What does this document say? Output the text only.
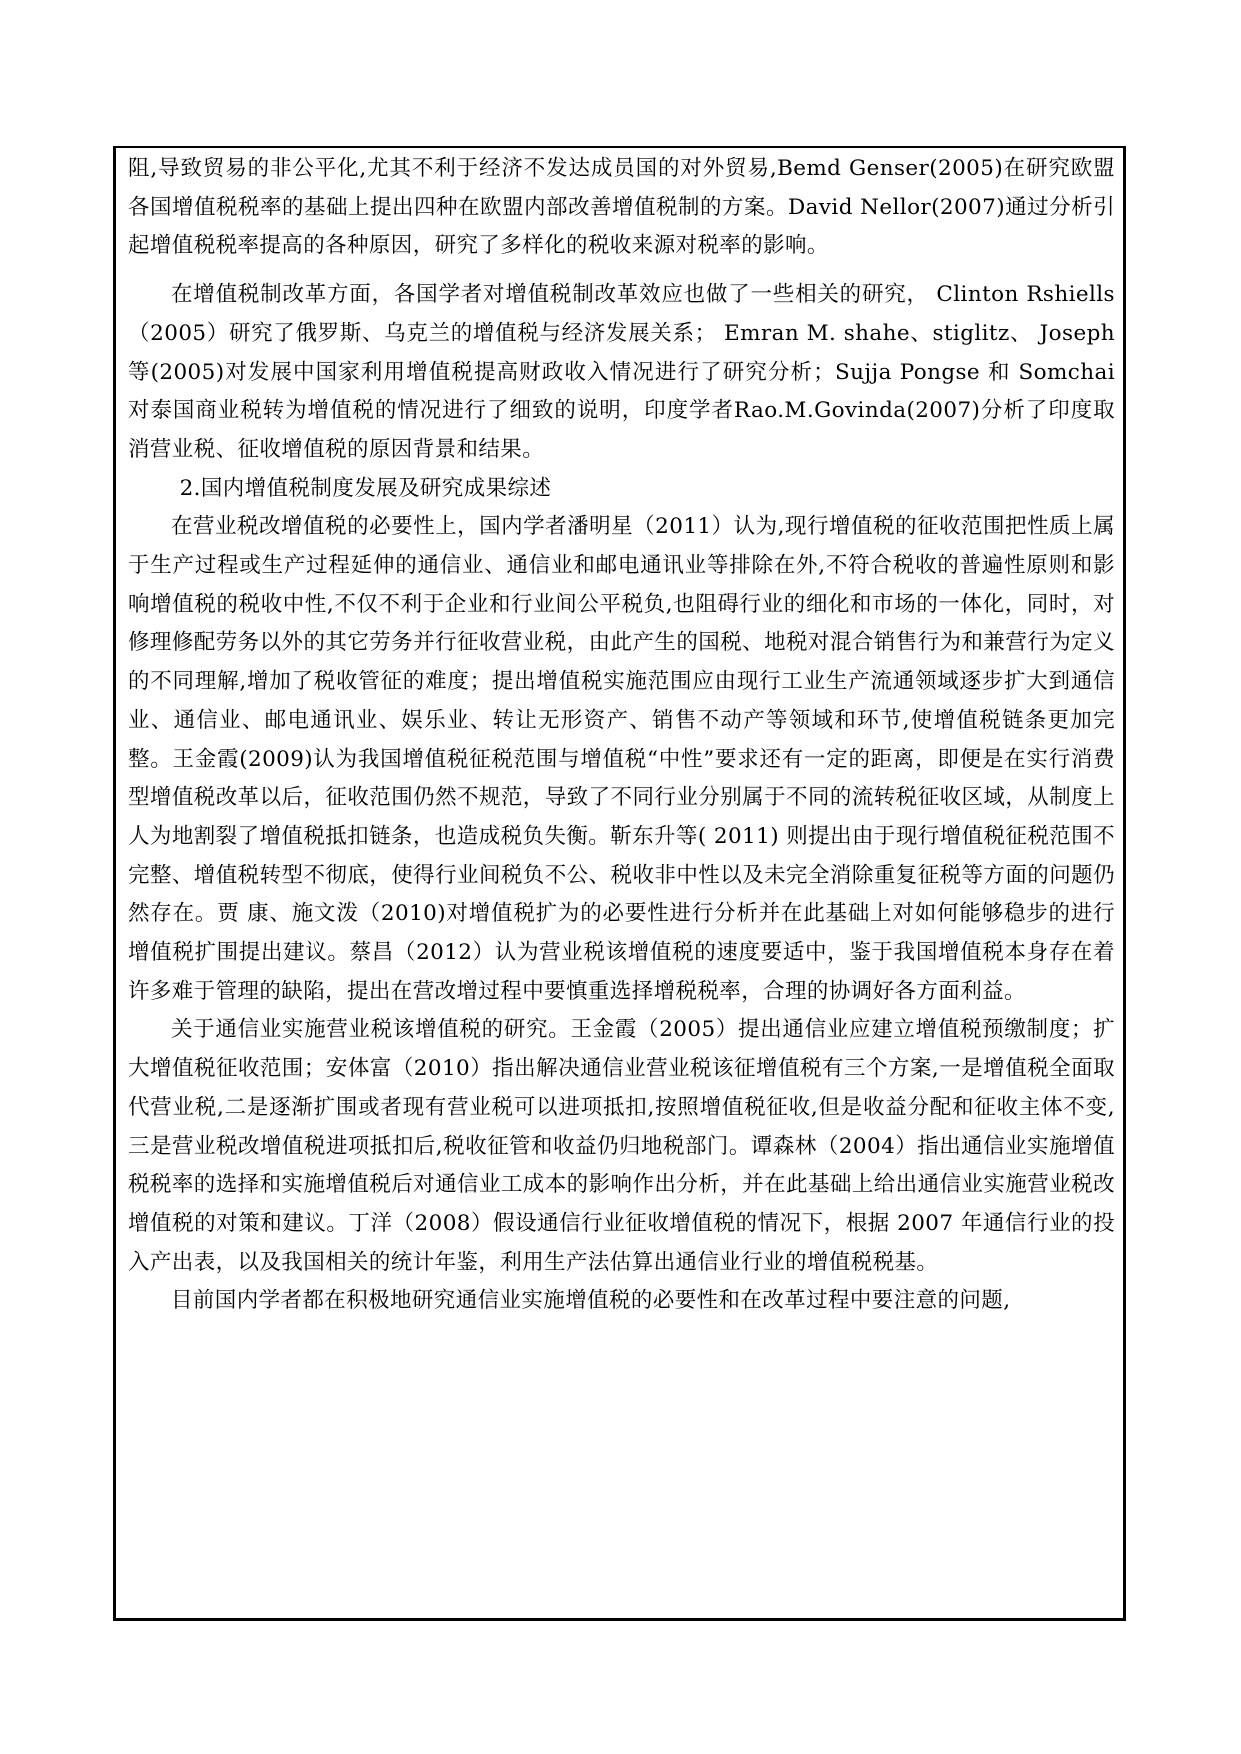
阻,导致贸易的非公平化,尤其不利于经济不发达成员国的对外贸易,Bemd Genser(2005)在研究欧盟各国增值税税率的基础上提出四种在欧盟内部改善增值税制的方案。David Nellor(2007)通过分析引起增值税税率提高的各种原因，研究了多样化的税收来源对税率的影响。

在增值税制改革方面，各国学者对增值税制改革效应也做了一些相关的研究， Clinton Rshiells（2005）研究了俄罗斯、乌克兰的增值税与经济发展关系； Emran M. shahe、stiglitz、 Joseph等(2005)对发展中国家利用增值税提高财政收入情况进行了研究分析；Sujja Pongse 和 Somchai 对泰国商业税转为增值税的情况进行了细致的说明，印度学者Rao.M.Govinda(2007)分析了印度取消营业税、征收增值税的原因背景和结果。

2.国内增值税制度发展及研究成果综述

在营业税改增值税的必要性上，国内学者潘明星（2011）认为,现行增值税的征收范围把性质上属于生产过程或生产过程延伸的通信业、通信业和邮电通讯业等排除在外,不符合税收的普遍性原则和影响增值税的税收中性,不仅不利于企业和行业间公平税负,也阻碍行业的细化和市场的一体化，同时，对修理修配劳务以外的其它劳务并行征收营业税，由此产生的国税、地税对混合销售行为和兼营行为定义的不同理解,增加了税收管征的难度；提出增值税实施范围应由现行工业生产流通领域逐步扩大到通信业、通信业、邮电通讯业、娱乐业、转让无形资产、销售不动产等领域和环节,使增值税链条更加完整。王金霞(2009)认为我国增值税征税范围与增值税“中性”要求还有一定的距离，即便是在实行消费型增值税改革以后，征收范围仍然不规范，导致了不同行业分别属于不同的流转税征收区域，从制度上人为地割裂了增值税抵扣链条，也造成税负失衡。靳东升等( 2011) 则提出由于现行增值税征税范围不完整、增值税转型不彻底，使得行业间税负不公、税收非中性以及未完全消除重复征税等方面的问题仍然存在。贾 康、施文泼（2010)对增值税扩为的必要性进行分析并在此基础上对如何能够稳步的进行增值税扩围提出建议。蔡昌（2012）认为营业税该增值税的速度要适中，鉴于我国增值税本身存在着许多难于管理的缺陷，提出在营改增过程中要慎重选择增税税率，合理的协调好各方面利益。

关于通信业实施营业税该增值税的研究。王金霞（2005）提出通信业应建立增值税预缴制度；扩大增值税征收范围；安体富（2010）指出解决通信业营业税该征增值税有三个方案,一是增值税全面取代营业税,二是逐渐扩围或者现有营业税可以进项抵扣,按照增值税征收,但是收益分配和征收主体不变,三是营业税改增值税进项抵扣后,税收征管和收益仍归地税部门。谭森林（2004）指出通信业实施增值税税率的选择和实施增值税后对通信业工成本的影响作出分析，并在此基础上给出通信业实施营业税改增值税的对策和建议。丁洋（2008）假设通信行业征收增值税的情况下，根据 2007 年通信行业的投入产出表，以及我国相关的统计年鉴，利用生产法估算出通信业行业的增值税税基。

目前国内学者都在积极地研究通信业实施增值税的必要性和在改革过程中要注意的问题,
